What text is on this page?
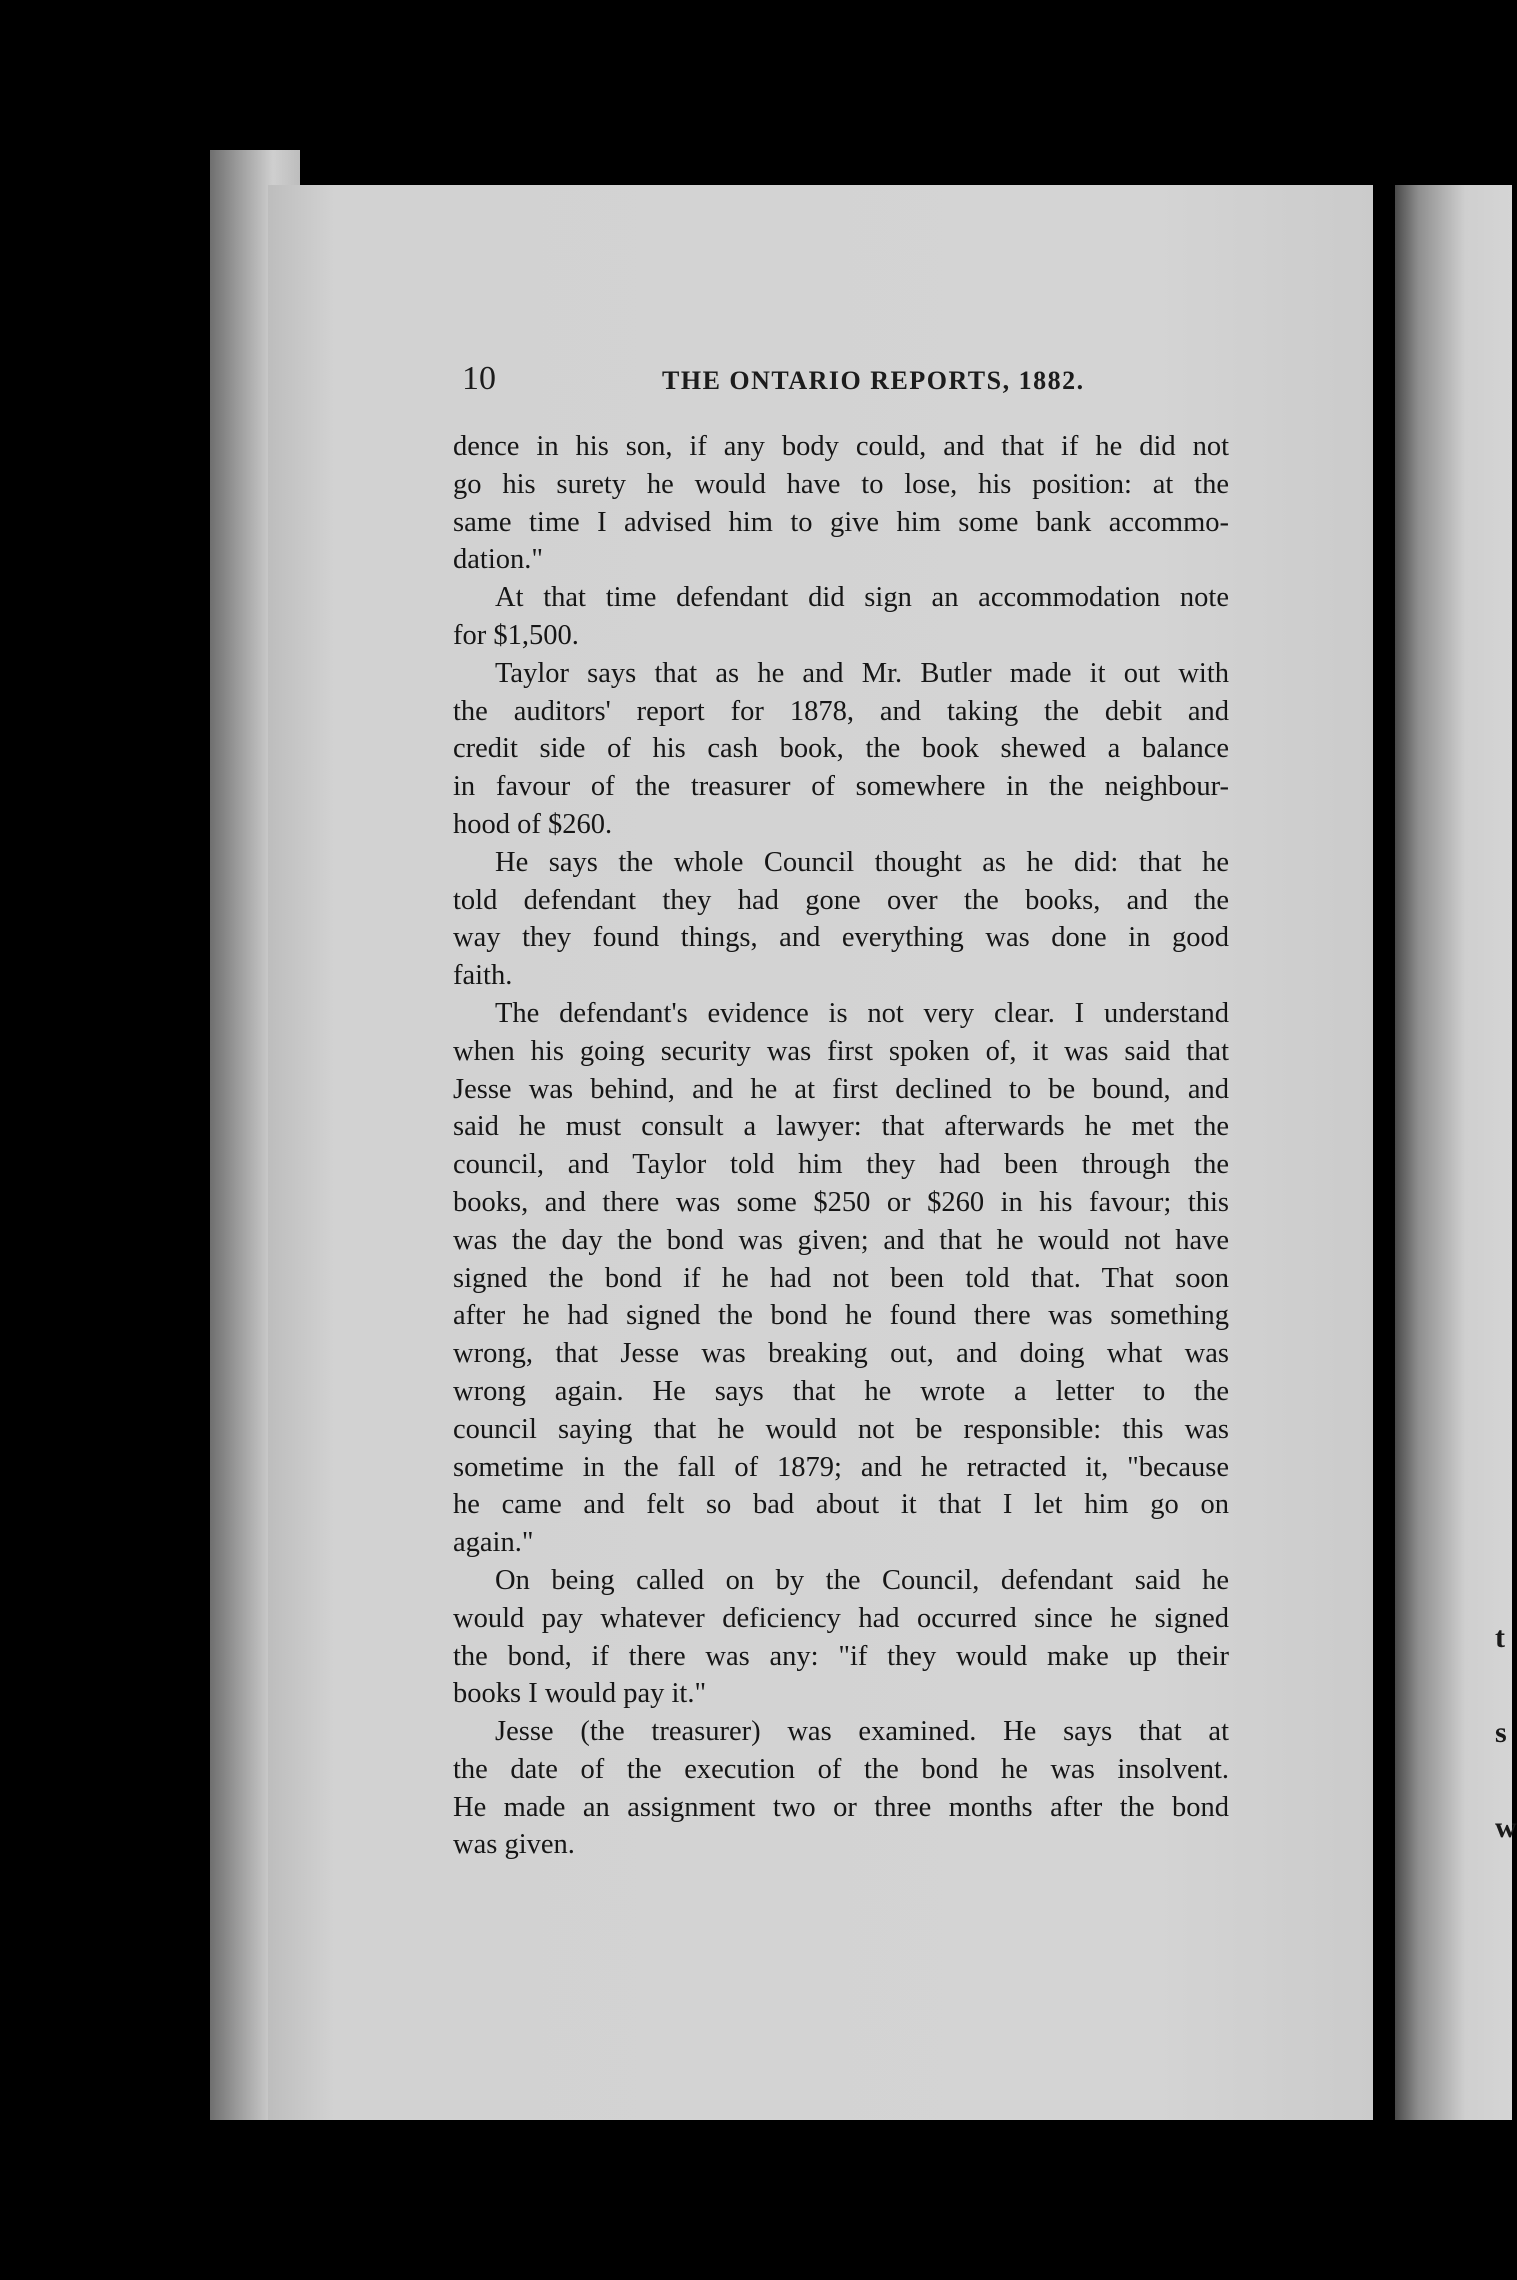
t
s
w
10	THE ONTARIO REPORTS, 1882.
dence in his son, if any body could, and that if he did not
go his surety he would have to lose, his position: at the
same time I advised him to give him some bank accommo-
dation."
At that time defendant did sign an accommodation note
for $1,500.
Taylor says that as he and Mr. Butler made it out with
the auditors' report for 1878, and taking the debit and
credit side of his cash book, the book shewed a balance
in favour of the treasurer of somewhere in the neighbour-
hood of $260.
He says the whole Council thought as he did: that he
told defendant they had gone over the books, and the
way they found things, and everything was done in good
faith.
The defendant's evidence is not very clear. I understand
when his going security was first spoken of, it was said that
Jesse was behind, and he at first declined to be bound, and
said he must consult a lawyer: that afterwards he met the
council, and Taylor told him they had been through the
books, and there was some $250 or $260 in his favour; this
was the day the bond was given; and that he would not have
signed the bond if he had not been told that. That soon
after he had signed the bond he found there was something
wrong, that Jesse was breaking out, and doing what was
wrong again. He says that he wrote a letter to the
council saying that he would not be responsible: this was
sometime in the fall of 1879; and he retracted it, "because
he came and felt so bad about it that I let him go on
again."
On being called on by the Council, defendant said he
would pay whatever deficiency had occurred since he signed
the bond, if there was any: "if they would make up their
books I would pay it."
Jesse (the treasurer) was examined. He says that at
the date of the execution of the bond he was insolvent.
He made an assignment two or three months after the bond
was given.
